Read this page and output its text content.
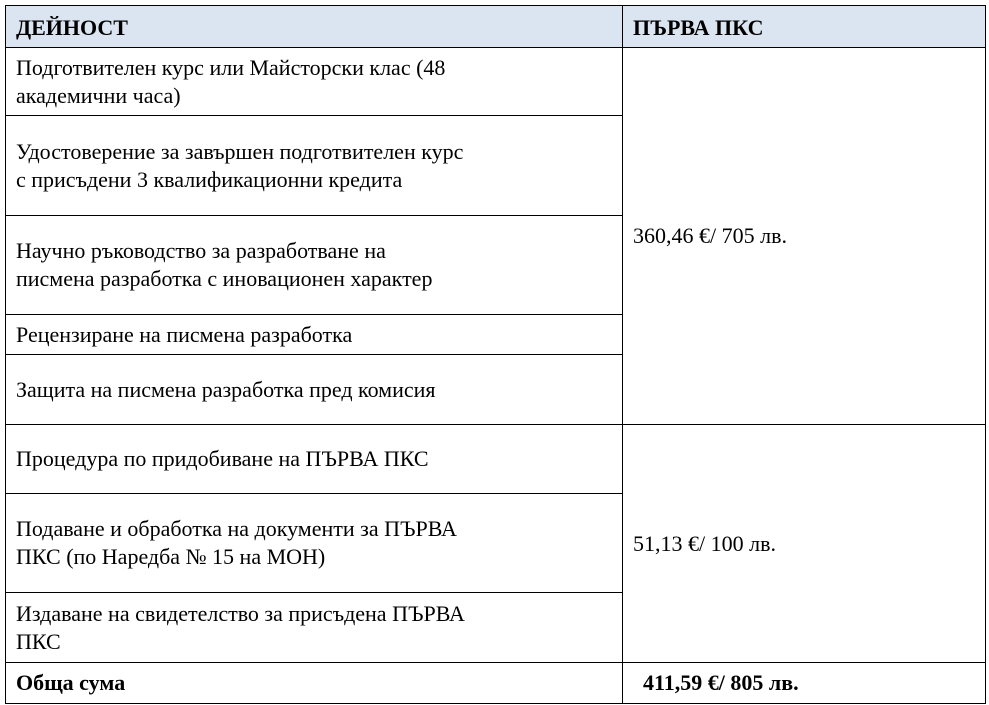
ДЕЙНОСТ	ПЪРВА ПКС

Подготвителен курс или Майсторски клас (48 академични часа)	360,46 €/ 705 лв.

Удостоверение за завършен подготвителен курс с присъдени 3 квалификационни кредита	

Научно ръководство за разработване на писмена разработка с иновационен характер	

Рецензиране на писмена разработка	

Защита на писмена разработка пред комисия	

Процедура по придобиване на ПЪРВА ПКС	51,13 €/ 100 лв.

Подаване и обработка на документи за ПЪРВА ПКС (по Наредба № 15 на МОН)	

Издаване на свидетелство за присъдена ПЪРВА ПКС	

Обща сума	411,59 €/ 805 лв.
